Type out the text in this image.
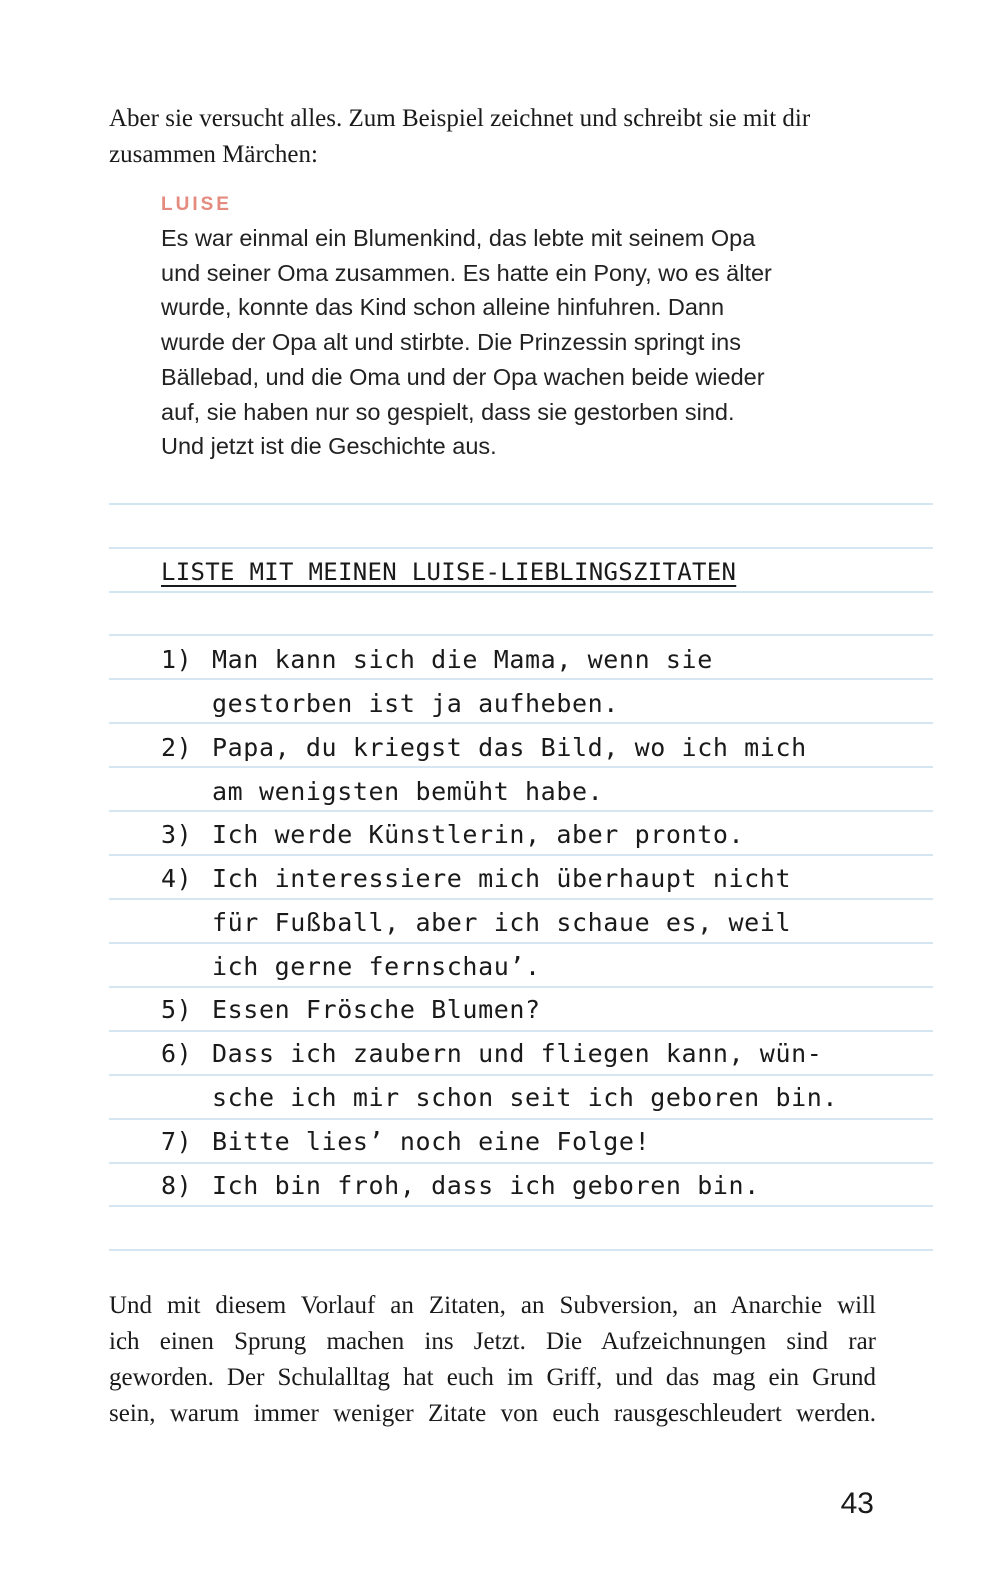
Aber sie versucht alles. Zum Beispiel zeichnet und schreibt sie mit dir
zusammen Märchen:

LUISE

Es war einmal ein Blumenkind, das lebte mit seinem Opa

und seiner Oma zusammen. Es hatte ein Pony, wo es älter

wurde, konnte das Kind schon alleine hinfuhren. Dann

wurde der Opa alt und stirbte. Die Prinzessin springt ins

Bällebad, und die Oma und der Opa wachen beide wieder

auf, sie haben nur so gespielt, dass sie gestorben sind.

Und jetzt ist die Geschichte aus.

LISTE MIT MEINEN LUISE-LIEBLINGSZITATEN
1) Man kann sich die Mama, wenn sie
gestorben ist ja aufheben.
2) Papa, du kriegst das Bild, wo ich mich
am wenigsten bemüht habe.
3) Ich werde Künstlerin, aber pronto.
4) Ich interessiere mich überhaupt nicht
für Fußball, aber ich schaue es, weil
ich gerne fernschau’.
5) Essen Frösche Blumen?
6) Dass ich zaubern und fliegen kann, wün-
sche ich mir schon seit ich geboren bin.
7) Bitte lies’ noch eine Folge!
8) Ich bin froh, dass ich geboren bin.

Und mit diesem Vorlauf an Zitaten, an Subversion, an Anarchie will
ich einen Sprung machen ins Jetzt. Die Aufzeichnungen sind rar
geworden. Der Schulalltag hat euch im Griff, und das mag ein Grund
sein, warum immer weniger Zitate von euch rausgeschleudert werden.

43
